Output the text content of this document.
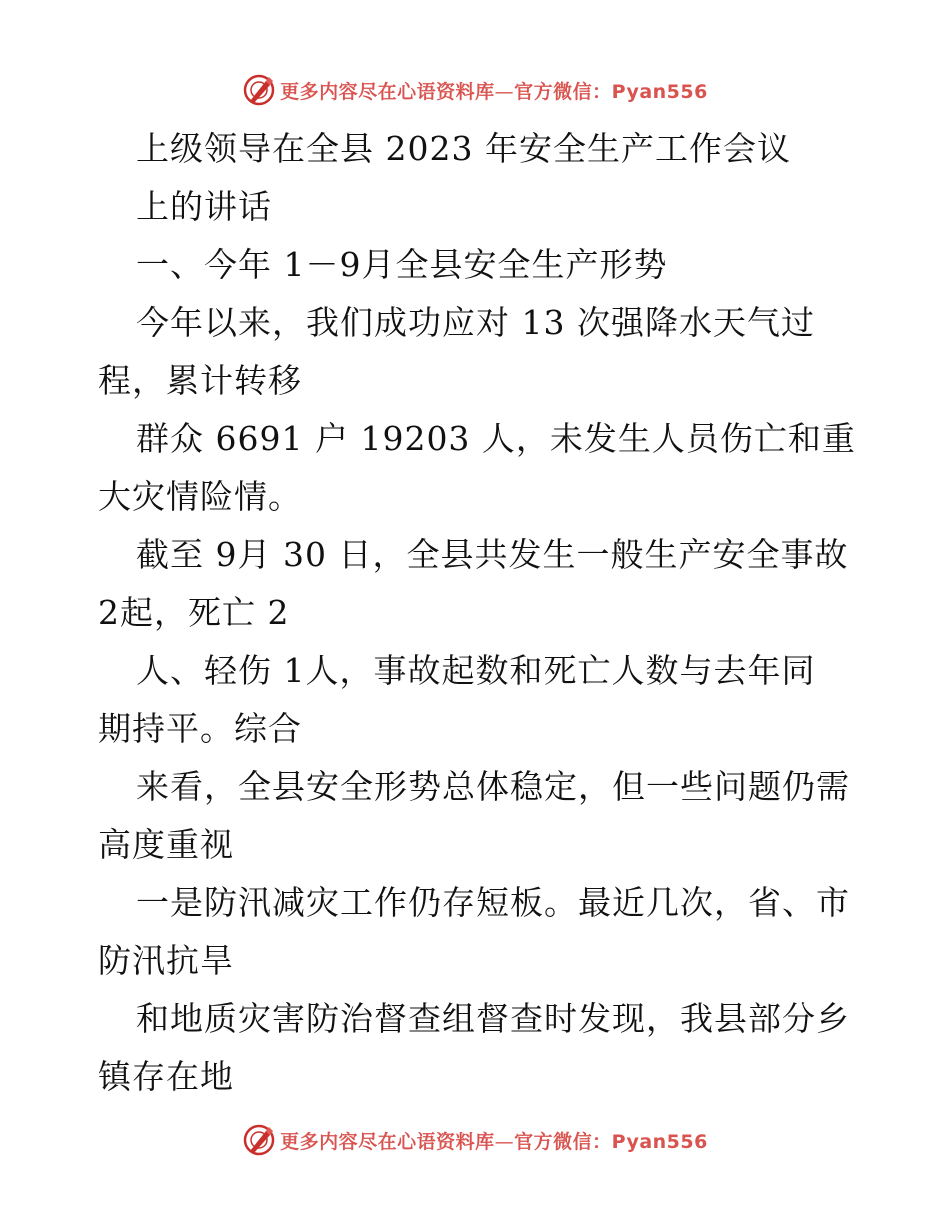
更多内容尽在心语资料库—官方微信：Pyan556
上级领导在全县 2023 年安全生产工作会议
上的讲话
一、今年 1－9月全县安全生产形势
今年以来，我们成功应对 13 次强降水天气过
程，累计转移
群众 6691 户 19203 人，未发生人员伤亡和重
大灾情险情。
截至 9月 30 日，全县共发生一般生产安全事故
2起，死亡 2
人、轻伤 1人，事故起数和死亡人数与去年同
期持平。综合
来看，全县安全形势总体稳定，但一些问题仍需
高度重视
一是防汛减灾工作仍存短板。最近几次，省、市
防汛抗旱
和地质灾害防治督查组督查时发现，我县部分乡
镇存在地
更多内容尽在心语资料库—官方微信：Pyan556
